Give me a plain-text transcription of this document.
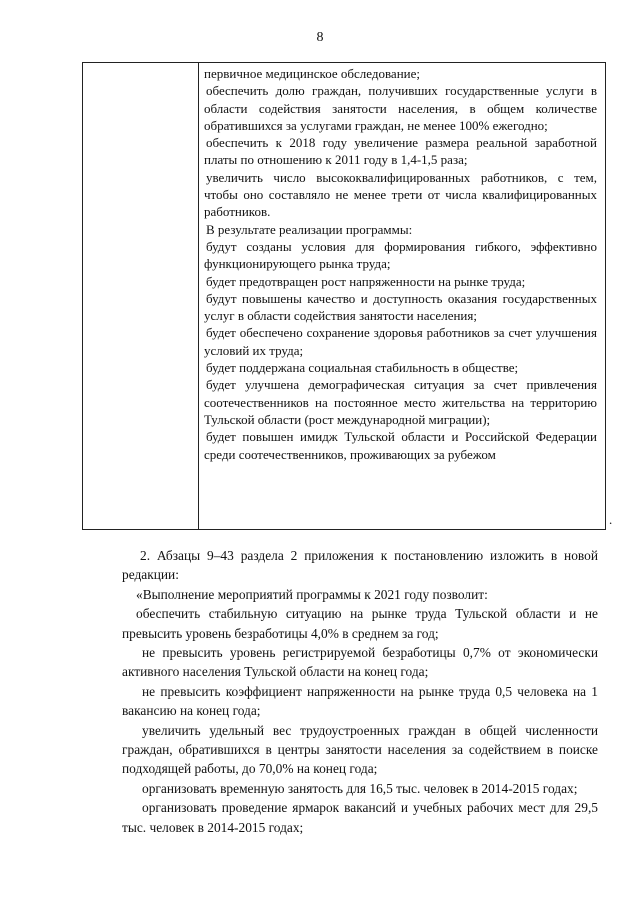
8

первичное медицинское обследование;

обеспечить долю граждан, получивших государственные услуги в области содействия занятости населения, в общем количестве обратившихся за услугами граждан, не менее 100% ежегодно;

обеспечить к 2018 году увеличение размера реальной заработной платы по отношению к 2011 году в 1,4-1,5 раза;

увеличить число высококвалифицированных работников, с тем, чтобы оно составляло не менее трети от числа квалифицированных работников.

В результате реализации программы:

будут созданы условия для формирования гибкого, эффективно функционирующего рынка труда;

будет предотвращен рост напряженности на рынке труда;

будут повышены качество и доступность оказания государственных услуг в области содействия занятости населения;

будет обеспечено сохранение здоровья работников за счет улучшения условий их труда;

будет поддержана социальная стабильность в обществе;

будет улучшена демографическая ситуация за счет привлечения соотечественников на постоянное место жительства на территорию Тульской области (рост международной миграции);

будет повышен имидж Тульской области и Российской Федерации среди соотечественников, проживающих за рубежом

.

2. Абзацы 9–43 раздела 2 приложения к постановлению изложить в новой редакции:

«Выполнение мероприятий программы к 2021 году позволит:

обеспечить стабильную ситуацию на рынке труда Тульской области и не превысить уровень безработицы 4,0% в среднем за год;

не превысить уровень регистрируемой безработицы 0,7% от экономически активного населения Тульской области на конец года;

не превысить коэффициент напряженности на рынке труда 0,5 человека на 1 вакансию на конец года;

увеличить удельный вес трудоустроенных граждан в общей численности граждан, обратившихся в центры занятости населения за содействием в поиске подходящей работы, до 70,0% на конец года;

организовать временную занятость для 16,5 тыс. человек в 2014-2015 годах;

организовать проведение ярмарок вакансий и учебных рабочих мест для 29,5 тыс. человек в 2014-2015 годах;
